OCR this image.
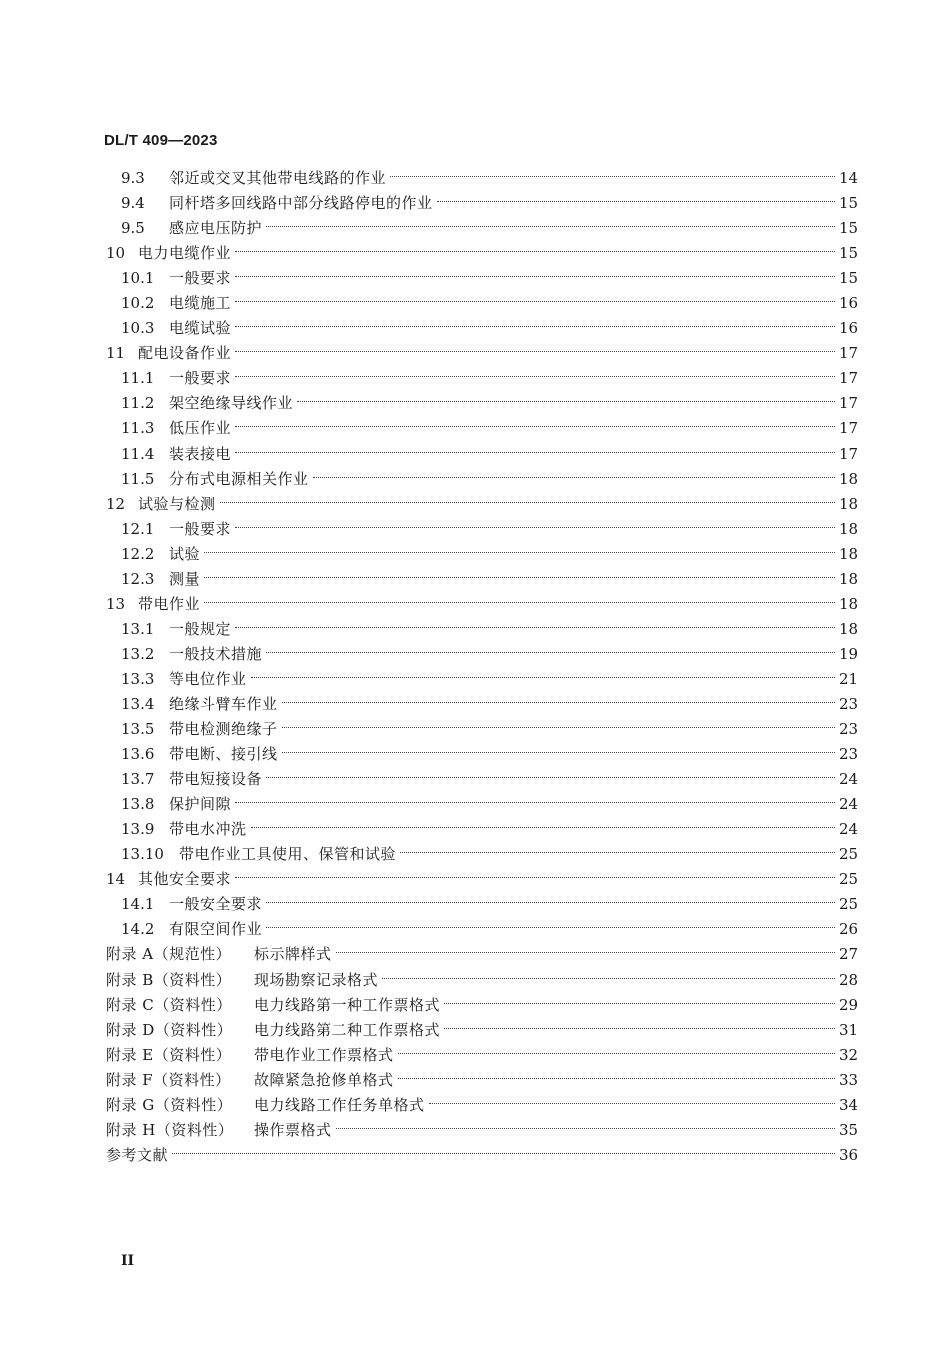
DL/T 409—2023
9.3	邻近或交叉其他带电线路的作业	14
9.4	同杆塔多回线路中部分线路停电的作业	15
9.5	感应电压防护	15
10 电力电缆作业	15
10.1 一般要求	15
10.2 电缆施工	16
10.3 电缆试验	16
11 配电设备作业	17
11.1 一般要求	17
11.2 架空绝缘导线作业	17
11.3 低压作业	17
11.4 装表接电	17
11.5 分布式电源相关作业	18
12 试验与检测	18
12.1 一般要求	18
12.2 试验	18
12.3 测量	18
13 带电作业	18
13.1 一般规定	18
13.2 一般技术措施	19
13.3 等电位作业	21
13.4 绝缘斗臂车作业	23
13.5 带电检测绝缘子	23
13.6 带电断、接引线	23
13.7 带电短接设备	24
13.8 保护间隙	24
13.9 带电水冲洗	24
13.10	带电作业工具使用、保管和试验	25
14 其他安全要求	25
14.1 一般安全要求	25
14.2 有限空间作业	26
附录 A（规范性）	标示牌样式	27
附录 B（资料性）	现场勘察记录格式	28
附录 C（资料性）	电力线路第一种工作票格式	29
附录 D（资料性）	电力线路第二种工作票格式	31
附录 E（资料性）	带电作业工作票格式	32
附录 F（资料性）	故障紧急抢修单格式	33
附录 G（资料性）	电力线路工作任务单格式	34
附录 H（资料性）	操作票格式	35
参考文献	36
II
